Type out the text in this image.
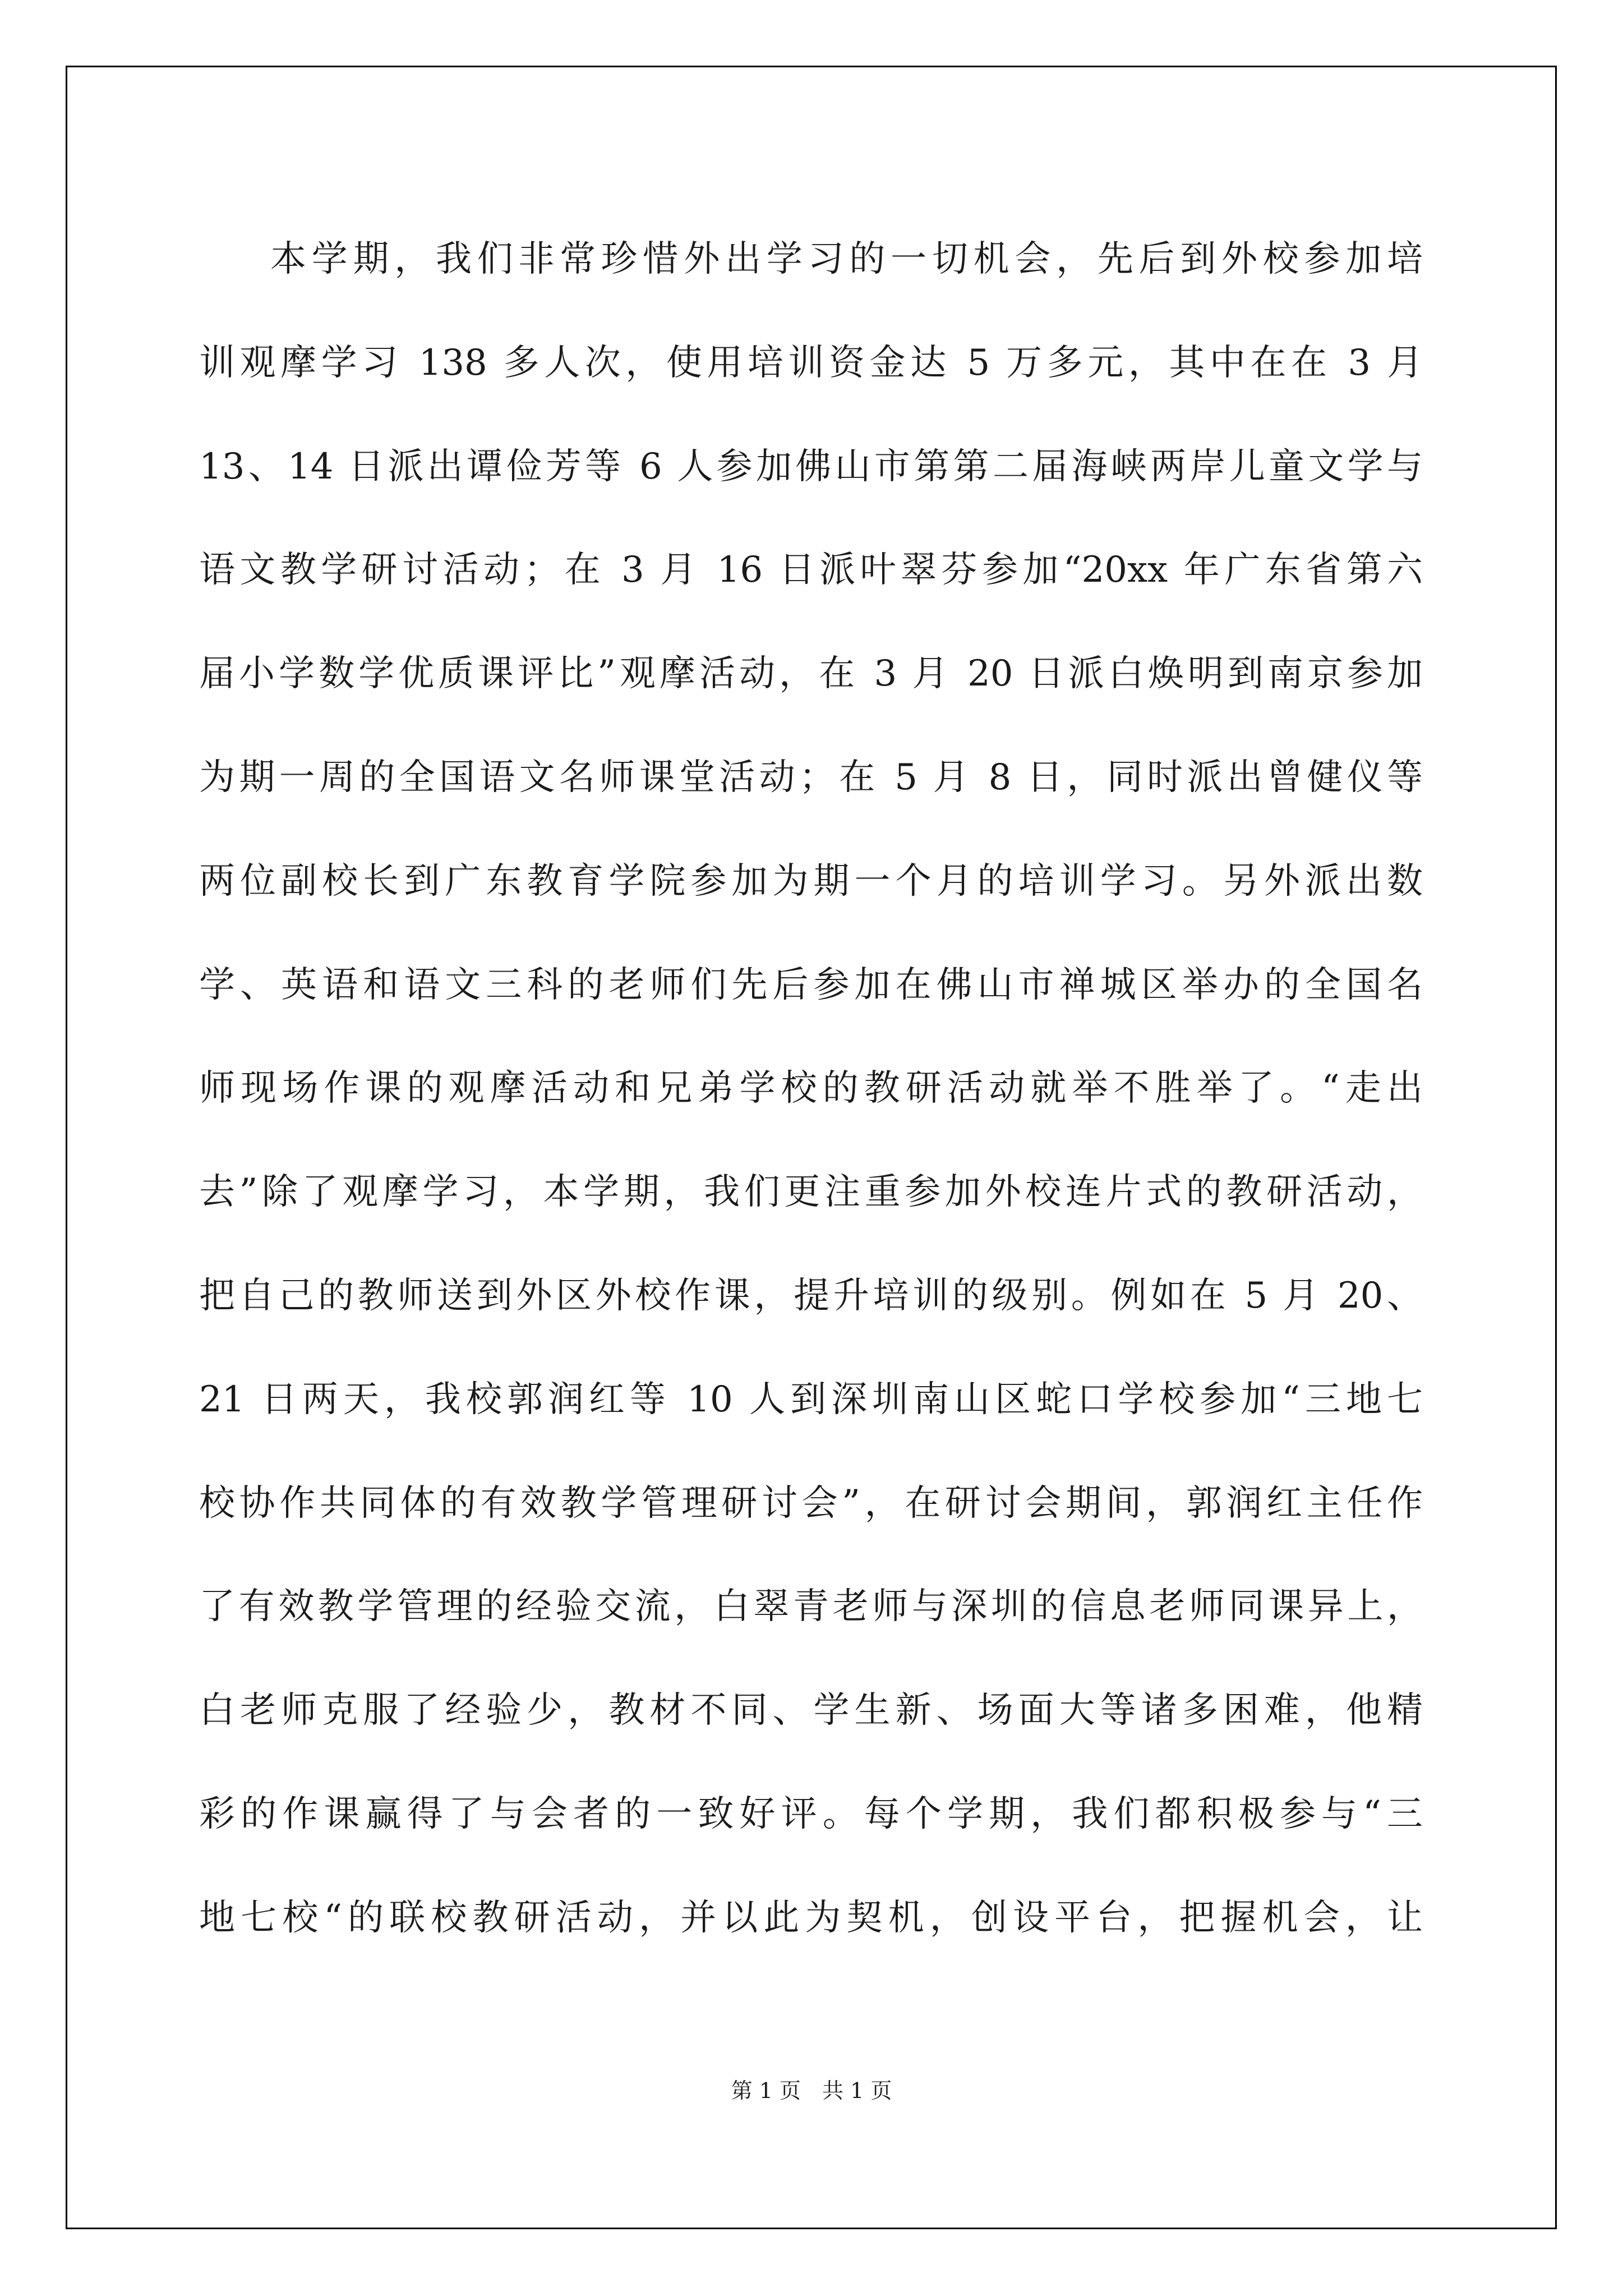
本学期，我们非常珍惜外出学习的一切机会，先后到外校参加培
训观摩学习 138 多人次，使用培训资金达 5 万多元，其中在在 3 月
13、14 日派出谭俭芳等 6 人参加佛山市第第二届海峡两岸儿童文学与
语文教学研讨活动；在 3 月 16 日派叶翠芬参加“20xx 年广东省第六
届小学数学优质课评比”观摩活动，在 3 月 20 日派白焕明到南京参加
为期一周的全国语文名师课堂活动；在 5 月 8 日，同时派出曾健仪等
两位副校长到广东教育学院参加为期一个月的培训学习。另外派出数
学、英语和语文三科的老师们先后参加在佛山市禅城区举办的全国名
师现场作课的观摩活动和兄弟学校的教研活动就举不胜举了。“走出
去”除了观摩学习，本学期，我们更注重参加外校连片式的教研活动，
把自己的教师送到外区外校作课，提升培训的级别。例如在 5 月 20、
21 日两天，我校郭润红等 10 人到深圳南山区蛇口学校参加“三地七
校协作共同体的有效教学管理研讨会”，在研讨会期间，郭润红主任作
了有效教学管理的经验交流，白翠青老师与深圳的信息老师同课异上，
白老师克服了经验少，教材不同、学生新、场面大等诸多困难，他精
彩的作课赢得了与会者的一致好评。每个学期，我们都积极参与“三
地七校“的联校教研活动，并以此为契机，创设平台，把握机会，让
第 1 页　共 1 页
